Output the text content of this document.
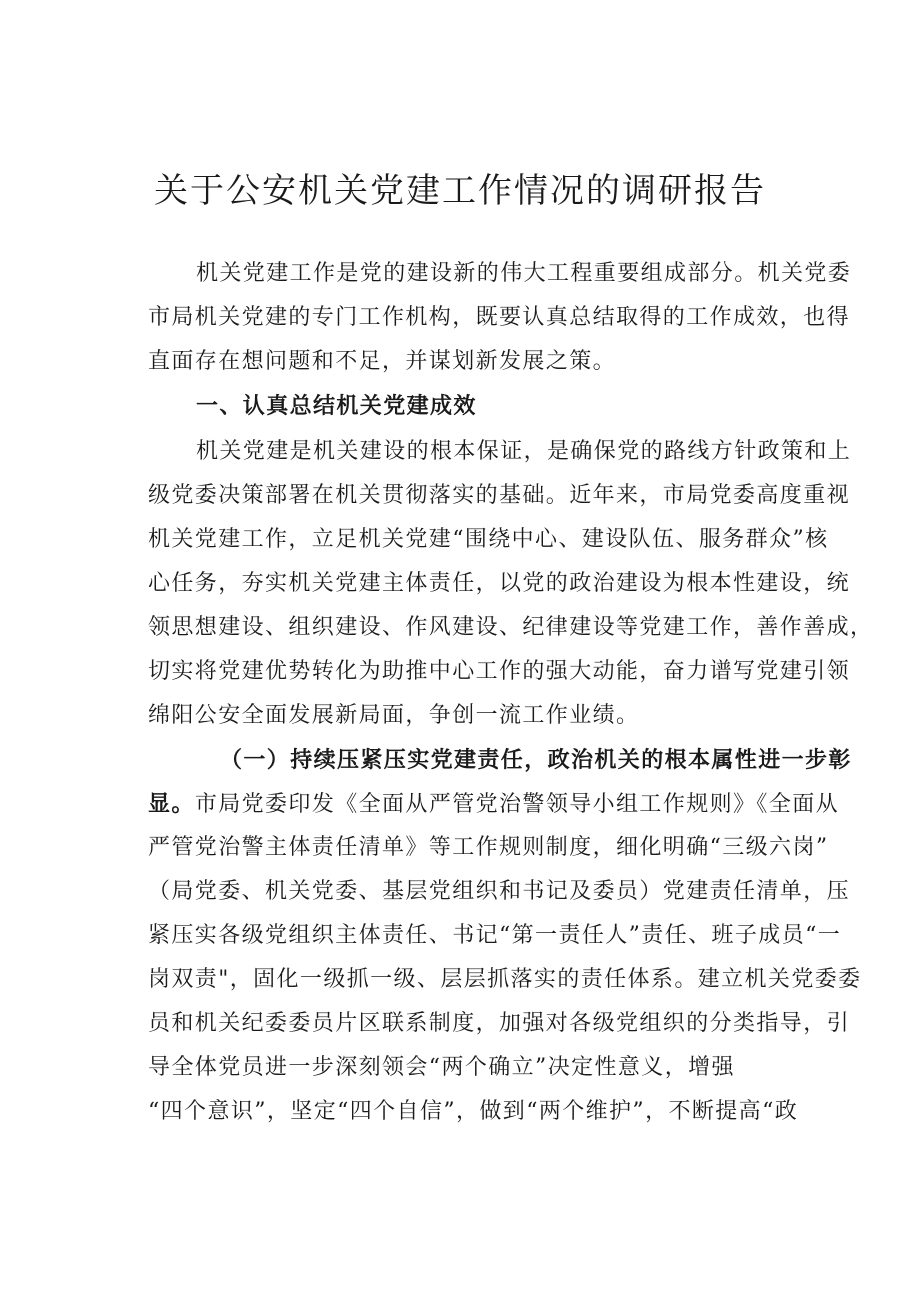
关于公安机关党建工作情况的调研报告

机关党建工作是党的建设新的伟大工程重要组成部分。机关党委
市局机关党建的专门工作机构，既要认真总结取得的工作成效，也得
直面存在想问题和不足，并谋划新发展之策。

一、认真总结机关党建成效

机关党建是机关建设的根本保证，是确保党的路线方针政策和上
级党委决策部署在机关贯彻落实的基础。近年来，市局党委高度重视
机关党建工作，立足机关党建“围绕中心、建设队伍、服务群众”核
心任务，夯实机关党建主体责任，以党的政治建设为根本性建设，统
领思想建设、组织建设、作风建设、纪律建设等党建工作，善作善成，
切实将党建优势转化为助推中心工作的强大动能，奋力谱写党建引领
绵阳公安全面发展新局面，争创一流工作业绩。

（一）持续压紧压实党建责任，政治机关的根本属性进一步彰
显。市局党委印发《全面从严管党治警领导小组工作规则》《全面从
严管党治警主体责任清单》等工作规则制度，细化明确“三级六岗”
（局党委、机关党委、基层党组织和书记及委员）党建责任清单，压
紧压实各级党组织主体责任、书记“第一责任人”责任、班子成员“一
岗双责"，固化一级抓一级、层层抓落实的责任体系。建立机关党委委
员和机关纪委委员片区联系制度，加强对各级党组织的分类指导，引
导全体党员进一步深刻领会“两个确立”决定性意义，增强
“四个意识”，坚定“四个自信”，做到“两个维护”，不断提高“政
